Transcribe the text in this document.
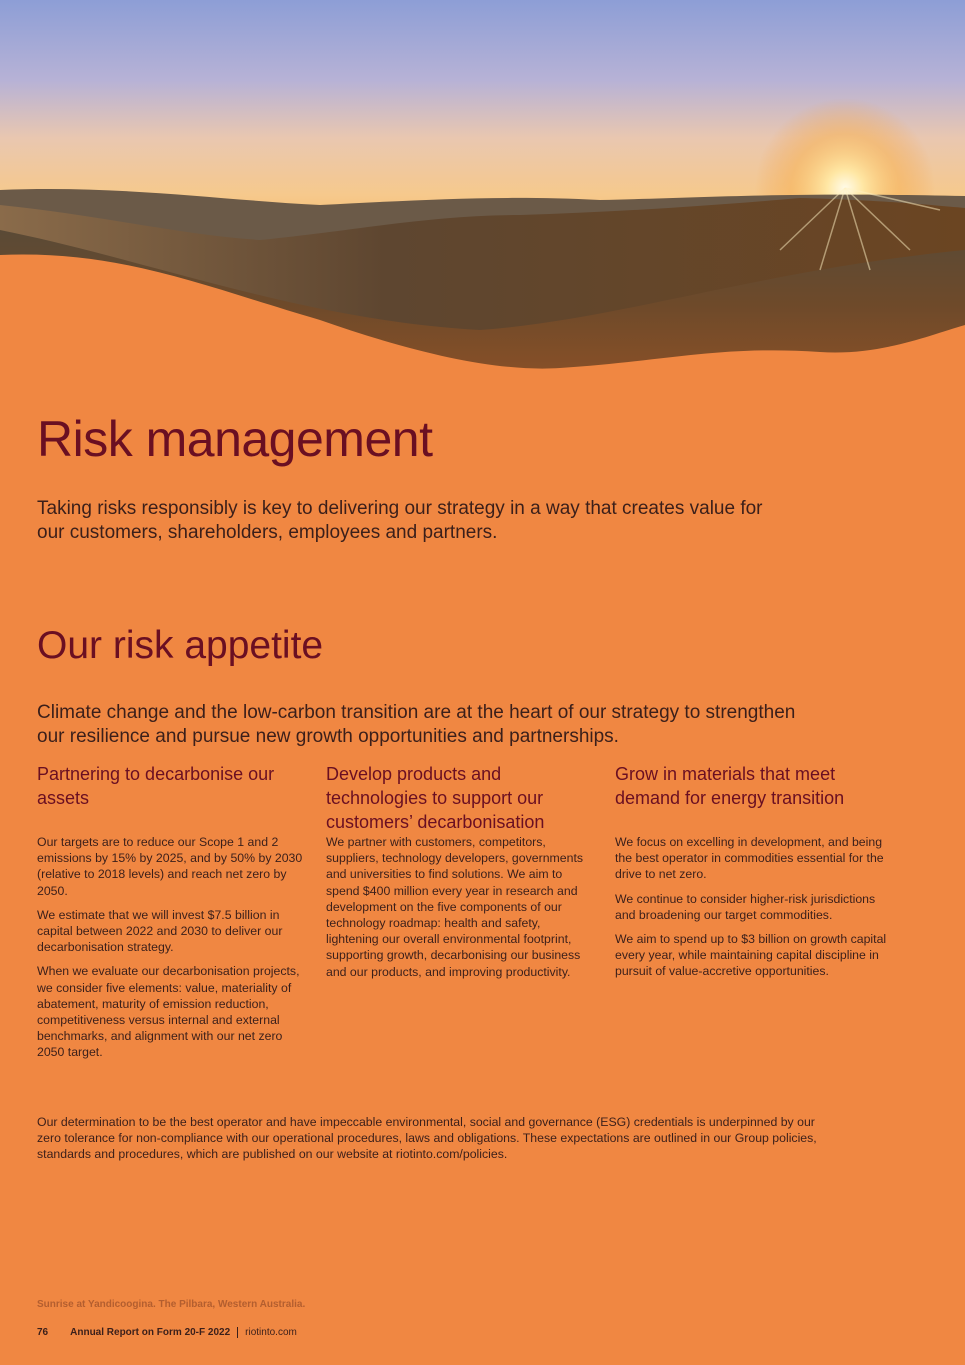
Risk management

Taking risks responsibly is key to delivering our strategy in a way that creates value for our customers, shareholders, employees and partners.

Our risk appetite

Climate change and the low-carbon transition are at the heart of our strategy to strengthen our resilience and pursue new growth opportunities and partnerships.

Partnering to decarbonise our assets

Our targets are to reduce our Scope 1 and 2 emissions by 15% by 2025, and by 50% by 2030 (relative to 2018 levels) and reach net zero by 2050.

We estimate that we will invest $7.5 billion in capital between 2022 and 2030 to deliver our decarbonisation strategy.

When we evaluate our decarbonisation projects, we consider five elements: value, materiality of abatement, maturity of emission reduction, competitiveness versus internal and external benchmarks, and alignment with our net zero 2050 target.

Develop products and technologies to support our customers’ decarbonisation

We partner with customers, competitors, suppliers, technology developers, governments and universities to find solutions. We aim to spend $400 million every year in research and development on the five components of our technology roadmap: health and safety, lightening our overall environmental footprint, supporting growth, decarbonising our business and our products, and improving productivity.

Grow in materials that meet demand for energy transition

We focus on excelling in development, and being the best operator in commodities essential for the drive to net zero.

We continue to consider higher-risk jurisdictions and broadening our target commodities.

We aim to spend up to $3 billion on growth capital every year, while maintaining capital discipline in pursuit of value-accretive opportunities.

Our determination to be the best operator and have impeccable environmental, social and governance (ESG) credentials is underpinned by our zero tolerance for non-compliance with our operational procedures, laws and obligations. These expectations are outlined in our Group policies, standards and procedures, which are published on our website at riotinto.com/policies.

Sunrise at Yandicoogina. The Pilbara, Western Australia.

76 Annual Report on Form 20-F 2022 riotinto.com
